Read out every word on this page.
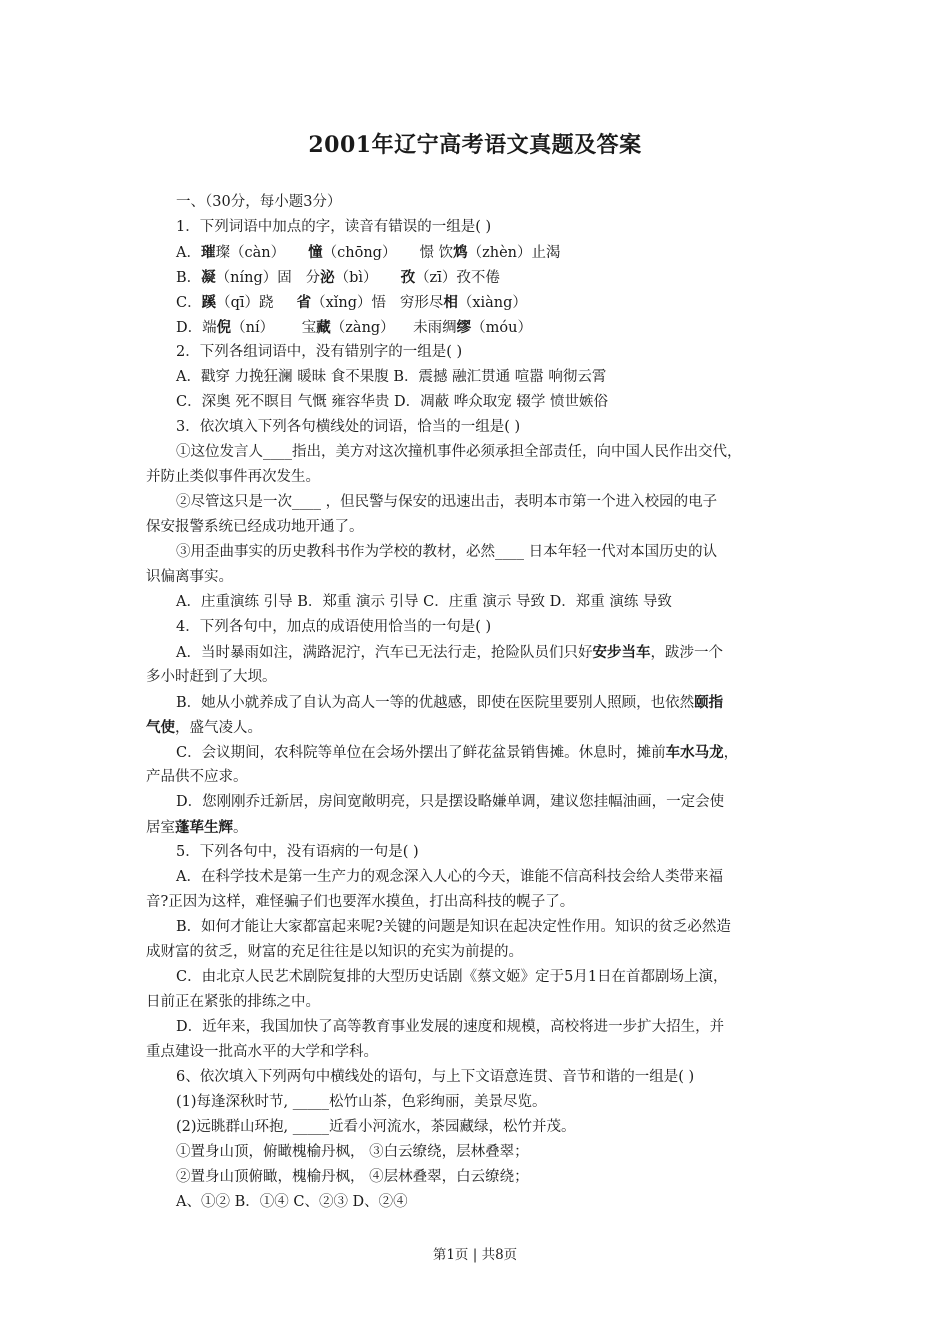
2001年辽宁高考语文真题及答案
一、（30分，每小题3分）
1．下列词语中加点的字，读音有错误的一组是( )
A．璀璨（càn）     憧（chōng）     憬 饮鸩（zhèn）止渴
B．凝（níng）固   分泌（bì）     孜（zī）孜不倦
C．蹊（qī）跷     省（xǐng）悟   穷形尽相（xiàng）
D．端倪（ní）      宝藏（zàng）    未雨绸缪（móu）
2．下列各组词语中，没有错别字的一组是( )
A．戳穿 力挽狂澜 暖昧 食不果腹 B．震撼 融汇贯通 喧嚣 响彻云霄
C．深奥 死不瞑目 气慨 雍容华贵 D．凋蔽 哗众取宠 辍学 愤世嫉俗
3．依次填入下列各句横线处的词语，恰当的一组是( )
①这位发言人____指出，美方对这次撞机事件必须承担全部责任，向中国人民作出交代，
并防止类似事件再次发生。
②尽管这只是一次____ ，但民警与保安的迅速出击，表明本市第一个进入校园的电子
保安报警系统已经成功地开通了。
③用歪曲事实的历史教科书作为学校的教材，必然____ 日本年轻一代对本国历史的认
识偏离事实。
A．庄重演练 引导 B．郑重 演示 引导 C．庄重 演示 导致 D．郑重 演练 导致
4．下列各句中，加点的成语使用恰当的一句是( )
A．当时暴雨如注，满路泥泞，汽车已无法行走，抢险队员们只好安步当车，跋涉一个
多小时赶到了大坝。
B．她从小就养成了自认为高人一等的优越感，即使在医院里要别人照顾，也依然颐指
气使，盛气凌人。
C．会议期间，农科院等单位在会场外摆出了鲜花盆景销售摊。休息时，摊前车水马龙，
产品供不应求。
D．您刚刚乔迁新居，房间宽敞明亮，只是摆设略嫌单调，建议您挂幅油画，一定会使
居室蓬荜生辉。
5．下列各句中，没有语病的一句是( )
A．在科学技术是第一生产力的观念深入人心的今天，谁能不信高科技会给人类带来福
音?正因为这样，难怪骗子们也要浑水摸鱼，打出高科技的幌子了。
B．如何才能让大家都富起来呢?关键的问题是知识在起决定性作用。知识的贫乏必然造
成财富的贫乏，财富的充足往往是以知识的充实为前提的。
C．由北京人民艺术剧院复排的大型历史话剧《蔡文姬》定于5月1日在首都剧场上演，
日前正在紧张的排练之中。
D．近年来，我国加快了高等教育事业发展的速度和规模，高校将进一步扩大招生，并
重点建设一批高水平的大学和学科。
6、依次填入下列两句中横线处的语句，与上下文语意连贯、音节和谐的一组是( )
(1)每逢深秋时节, _____松竹山茶，色彩绚丽，美景尽览。
(2)远眺群山环抱, _____近看小河流水，茶园藏绿，松竹并茂。
①置身山顶，俯瞰槐榆丹枫， ③白云缭绕，层林叠翠；
②置身山顶俯瞰，槐榆丹枫， ④层林叠翠，白云缭绕；
A、①② B．①④ C、②③ D、②④
第1页 | 共8页
